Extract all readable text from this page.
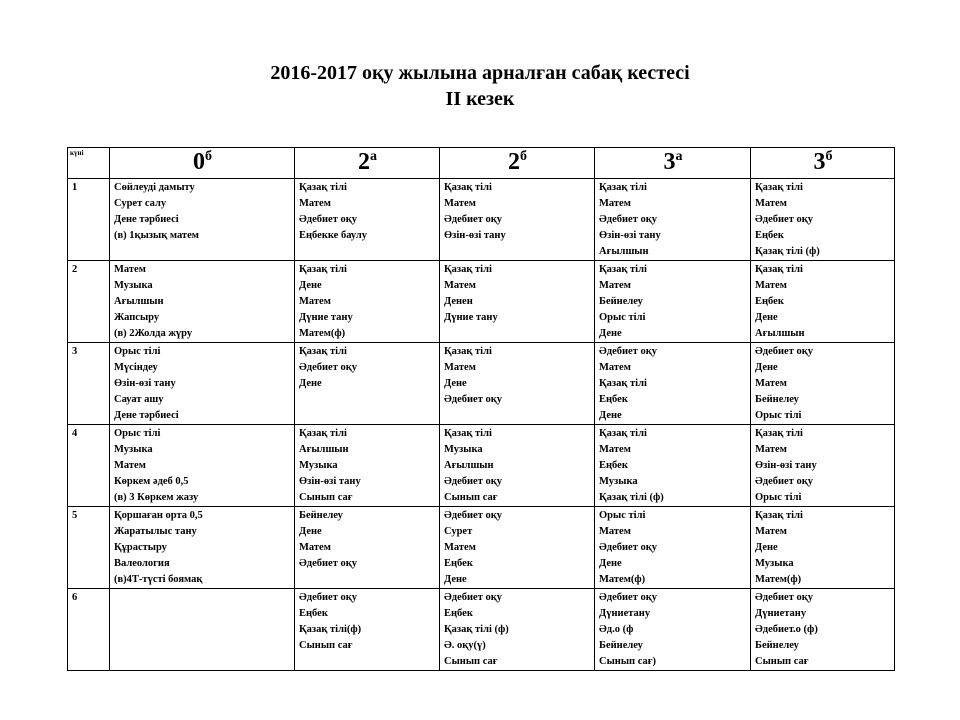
2016-2017 оқу жылына арналған сабақ кестесі

ІІ кезек

күні	$0^б$	$2^а$	$2^б$	$3^а$	$3^б$
1	Сөйлеуді дамыту
Сурет салу
Дене тәрбиесі
(в) 1қызық матем	Қазақ тілі
Матем
Әдебиет оқу
Еңбекке баулу	Қазақ тілі
Матем
Әдебиет оқу
Өзін-өзі тану	Қазақ тілі
Матем
Әдебиет оқу
Өзін-өзі тану
Ағылшын	Қазақ тілі
Матем
Әдебиет оқу
Еңбек
Қазақ тілі (ф)

2	Матем
Музыка
Ағылшын
Жапсыру
(в) 2Жолда жүру	Қазақ тілі
Дене
Матем
Дүние тану
Матем(ф)	Қазақ тілі
Матем
Денен
Дүние тану	Қазақ тілі
Матем
Бейнелеу
Орыс тілі
Дене	Қазақ тілі
Матем
Еңбек
Дене
Ағылшын

3	Орыс тілі
Мүсіндеу
Өзін-өзі тану
Сауат ашу
Дене тәрбиесі	Қазақ тілі
Әдебиет оқу
Дене	Қазақ тілі
Матем
Дене
Әдебиет оқу	Әдебиет оқу
Матем
Қазақ тілі
Еңбек
Дене	Әдебиет оқу
Дене
Матем
Бейнелеу
Орыс тілі

4	Орыс тілі
Музыка
Матем
Көркем әдеб 0,5
(в) 3 Көркем жазу	Қазақ тілі
Ағылшын
Музыка
Өзін-өзі тану
Сынып сағ	Қазақ тілі
Музыка
Ағылшын
Әдебиет оқу
Сынып сағ	Қазақ тілі
Матем
Еңбек
Музыка
Қазақ тілі (ф)	Қазақ тілі
Матем
Өзін-өзі тану
Әдебиет оқу
Орыс тілі

5	Қоршаған орта 0,5
Жаратылыс тану
Құрастыру
Валеология
(в)4Т-түсті боямақ	Бейнелеу
Дене
Матем
Әдебиет оқу	Әдебиет оқу
Сурет
Матем
Еңбек
Дене	Орыс тілі
Матем
Әдебиет оқу
Дене
Матем(ф)	Қазақ тілі
Матем
Дене
Музыка
Матем(ф)

6		Әдебиет оқу
Еңбек
Қазақ тілі(ф)
Сынып сағ	Әдебиет оқу
Еңбек
Қазақ тілі (ф)
Ә. оқу(ү)
Сынып сағ	Әдебиет оқу
Дүниетану
Әд.о (ф
Бейнелеу
Сынып сағ)	Әдебиет оқу
Дүниетану
Әдебиет.о (ф)
Бейнелеу
Сынып сағ
